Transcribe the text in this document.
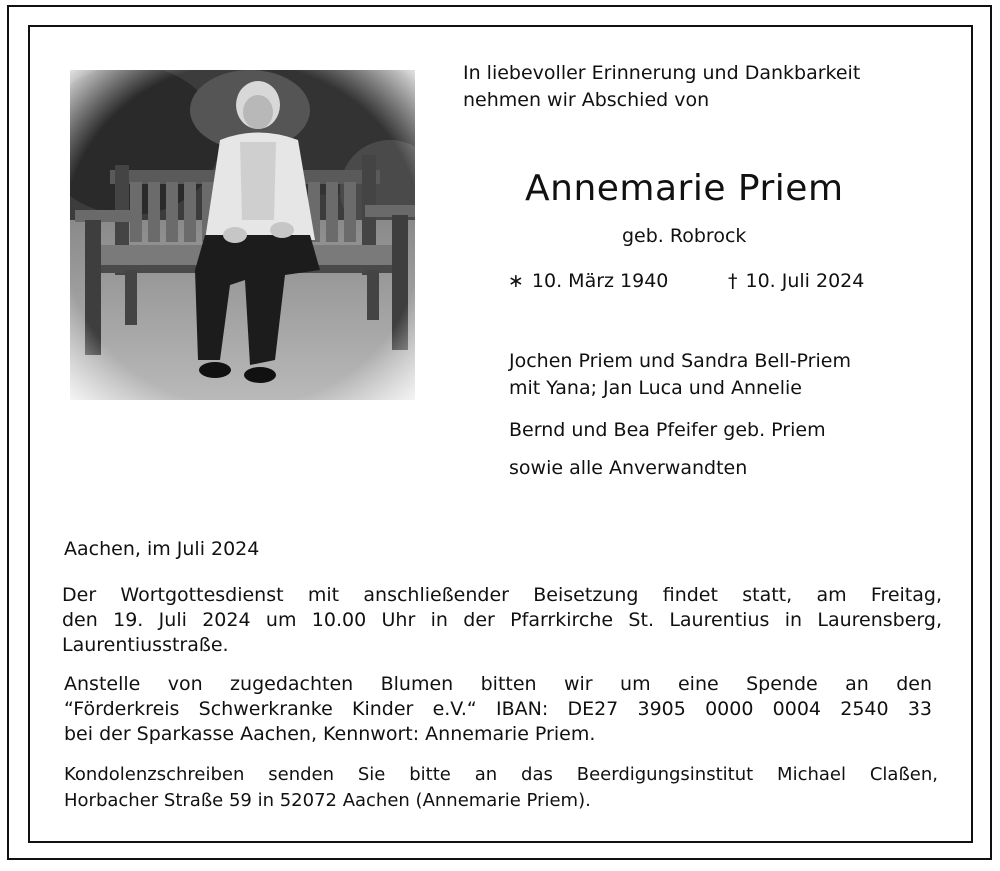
In liebevoller Erinnerung und Dankbarkeit
nehmen wir Abschied von
Annemarie Priem
geb. Robrock
∗ 10. März 1940	† 10. Juli 2024
Jochen Priem und Sandra Bell-Priem
mit Yana; Jan Luca und Annelie
Bernd und Bea Pfeifer geb. Priem
sowie alle Anverwandten
Aachen, im Juli 2024
Der Wortgottesdienst mit anschließender Beisetzung findet statt, am Freitag,
den 19. Juli 2024 um 10.00 Uhr in der Pfarrkirche St. Laurentius in Laurensberg,
Laurentiusstraße.
Anstelle von zugedachten Blumen bitten wir um eine Spende an den
“Förderkreis Schwerkranke Kinder e.V.“ IBAN: DE27 3905 0000 0004 2540 33
bei der Sparkasse Aachen, Kennwort: Annemarie Priem.
Kondolenzschreiben senden Sie bitte an das Beerdigungsinstitut Michael Claßen,
Horbacher Straße 59 in 52072 Aachen (Annemarie Priem).
